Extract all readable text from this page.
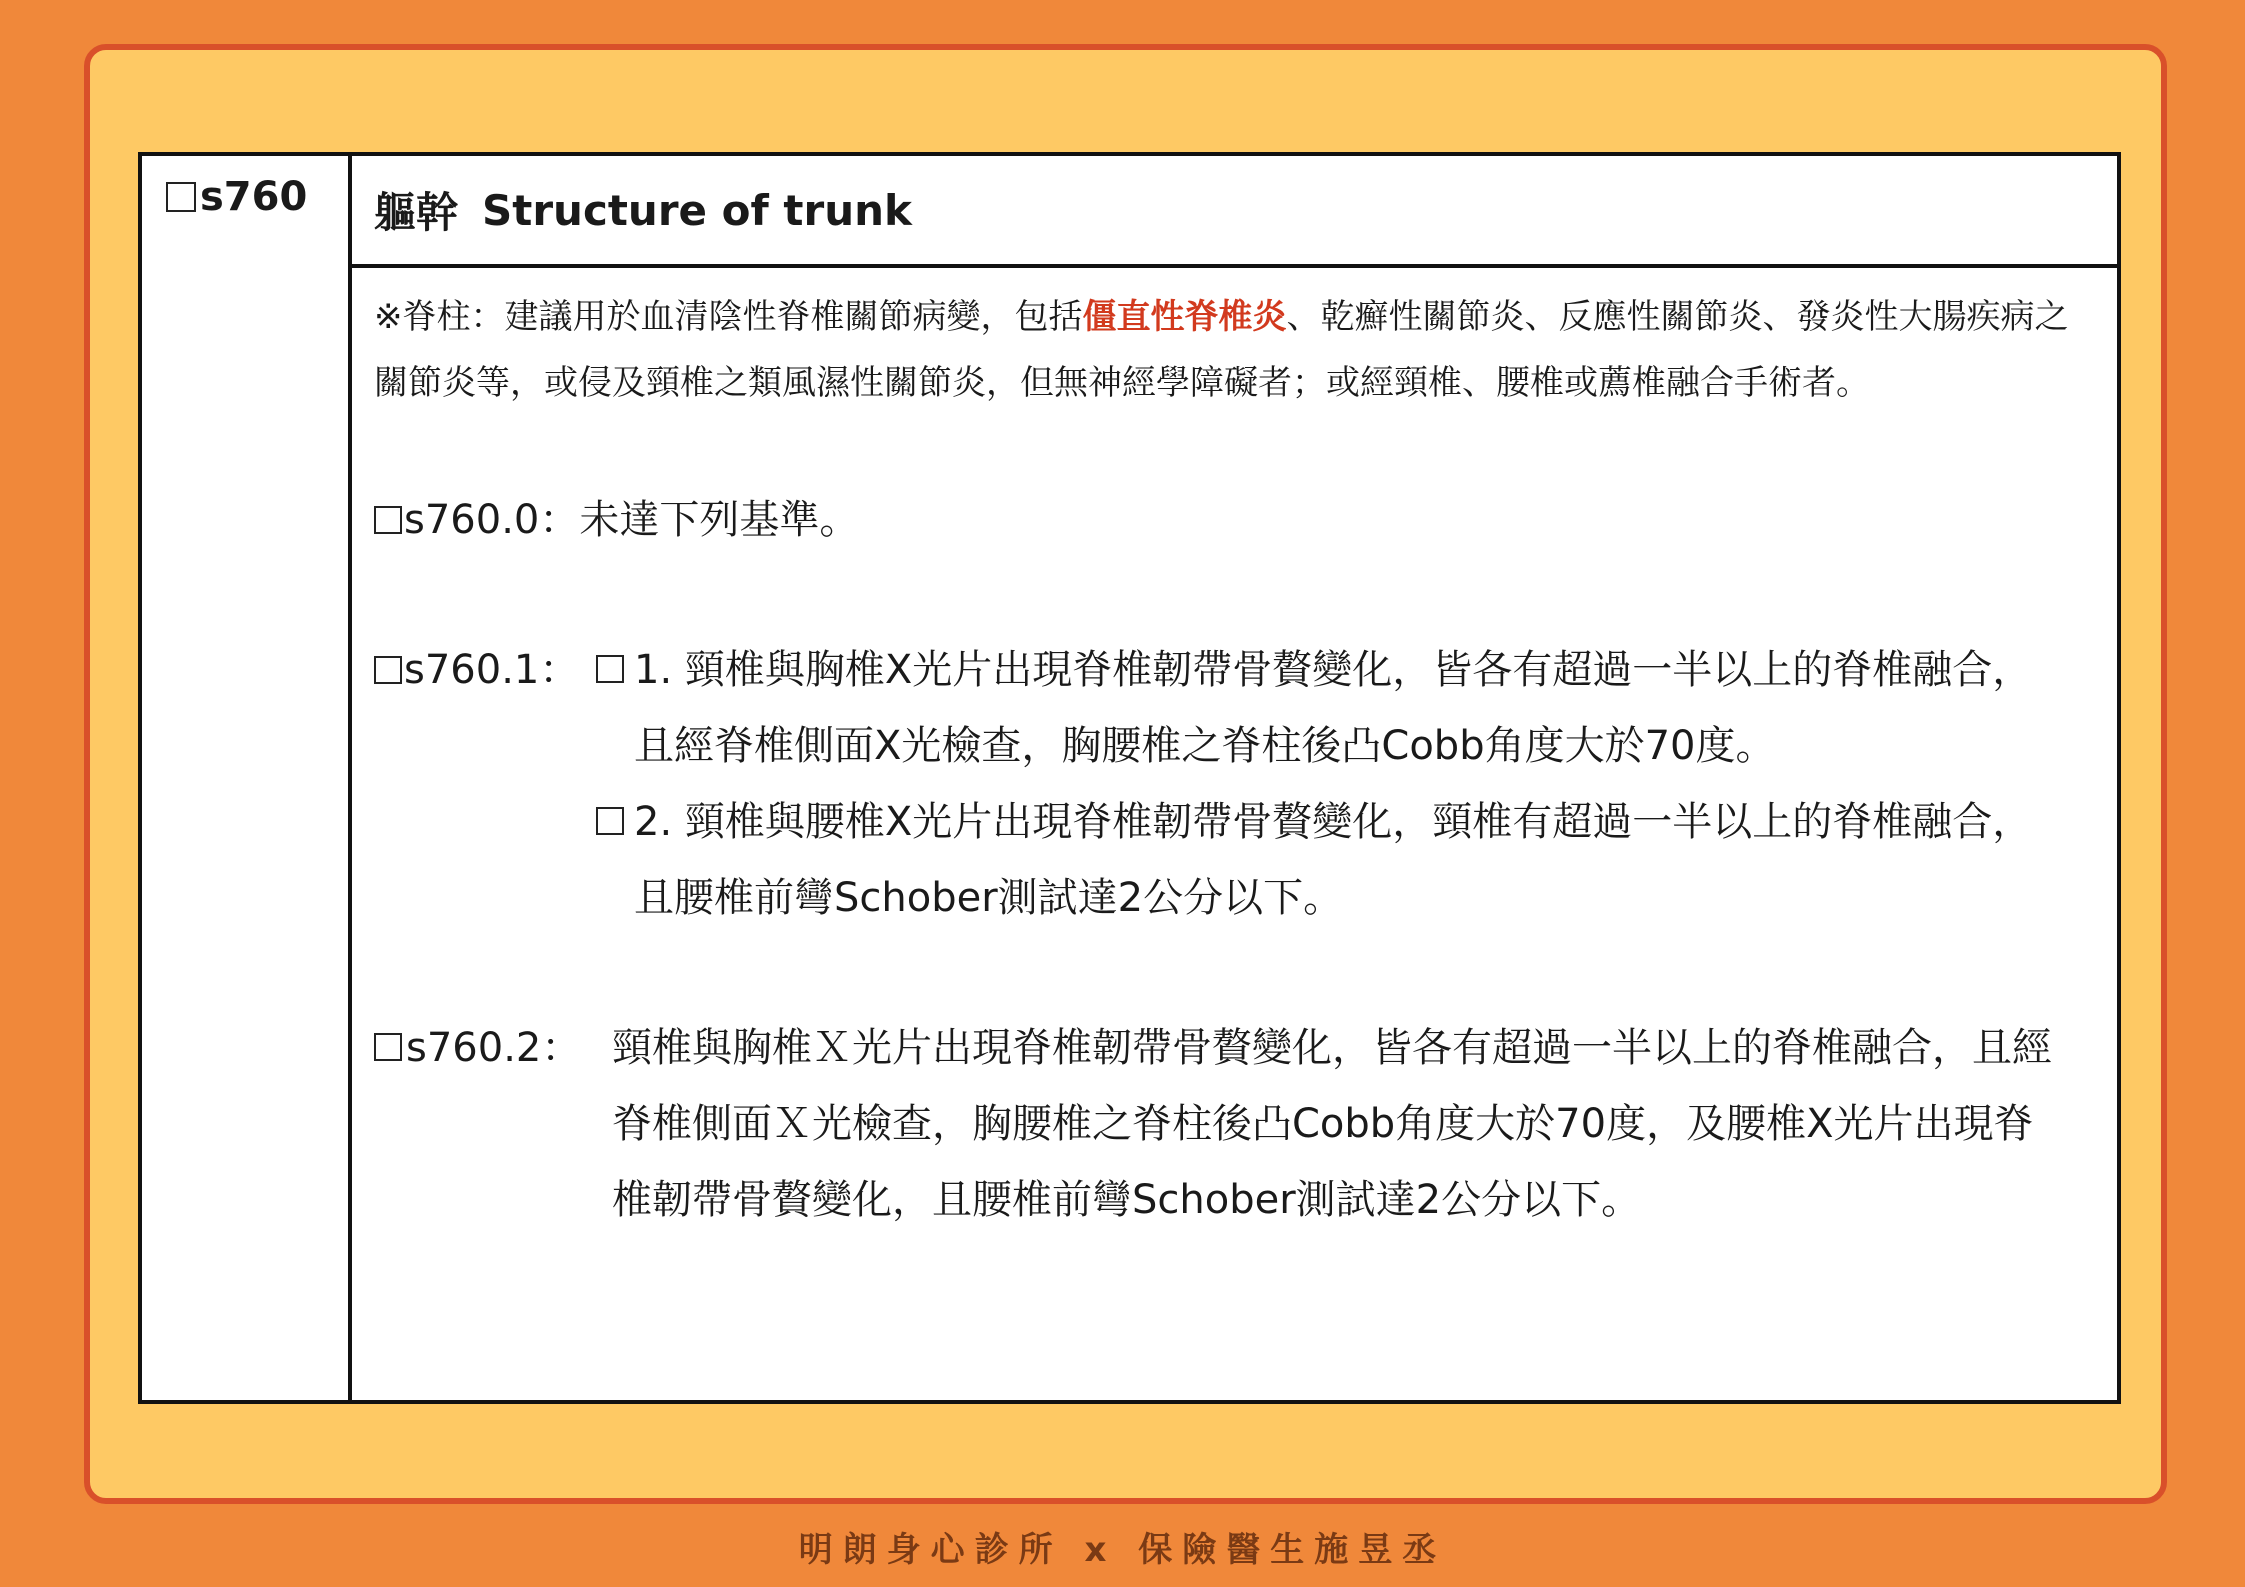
s760 軀幹 Structure of trunk
※脊柱：建議用於血清陰性脊椎關節病變，包括僵直性脊椎炎、乾癬性關節炎、反應性關節炎、發炎性大腸疾病之關節炎等，或侵及頸椎之類風濕性關節炎，但無神經學障礙者；或經頸椎、腰椎或薦椎融合手術者。
s760.0 ：未達下列基準。
s760.1 ： 1. 頸椎與胸椎X光片出現脊椎韌帶骨贅變化，皆各有超過一半以上的脊椎融合，且經脊椎側面X光檢查，胸腰椎之脊柱後凸Cobb角度大於70度。
2. 頸椎與腰椎X光片出現脊椎韌帶骨贅變化，頸椎有超過一半以上的脊椎融合，且腰椎前彎Schober測試達2公分以下。
s760.2 ： 頸椎與胸椎Ｘ光片出現脊椎韌帶骨贅變化，皆各有超過一半以上的脊椎融合，且經脊椎側面Ｘ光檢查，胸腰椎之脊柱後凸Cobb角度大於70度，及腰椎X光片出現脊椎韌帶骨贅變化，且腰椎前彎Schober測試達2公分以下。
明朗身心診所 x 保險醫生施昱丞
